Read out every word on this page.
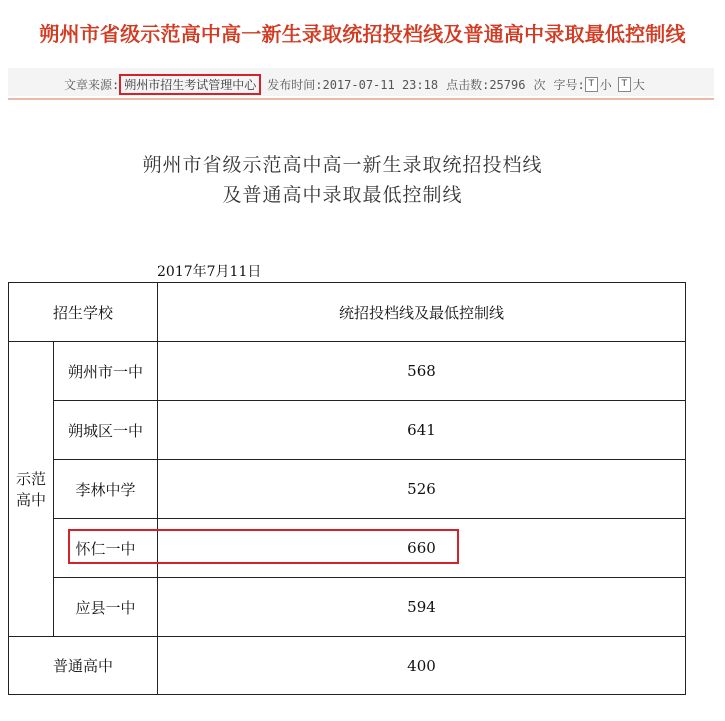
朔州市省级示范高中高一新生录取统招投档线及普通高中录取最低控制线
文章来源: 朔州市招生考试管理中心 发布时间: 2017-07-11 23:18 点击数: 25796 次 字号: T 小	T 大
朔州市省级示范高中高一新生录取统招投档线
及普通高中录取最低控制线
2017年7月11日
招生学校		统招投档线及最低控制线
示范高中	朔州市一中	568
	朔城区一中	641
	李林中学	526
	怀仁一中	660
	应县一中	594
普通高中		400
